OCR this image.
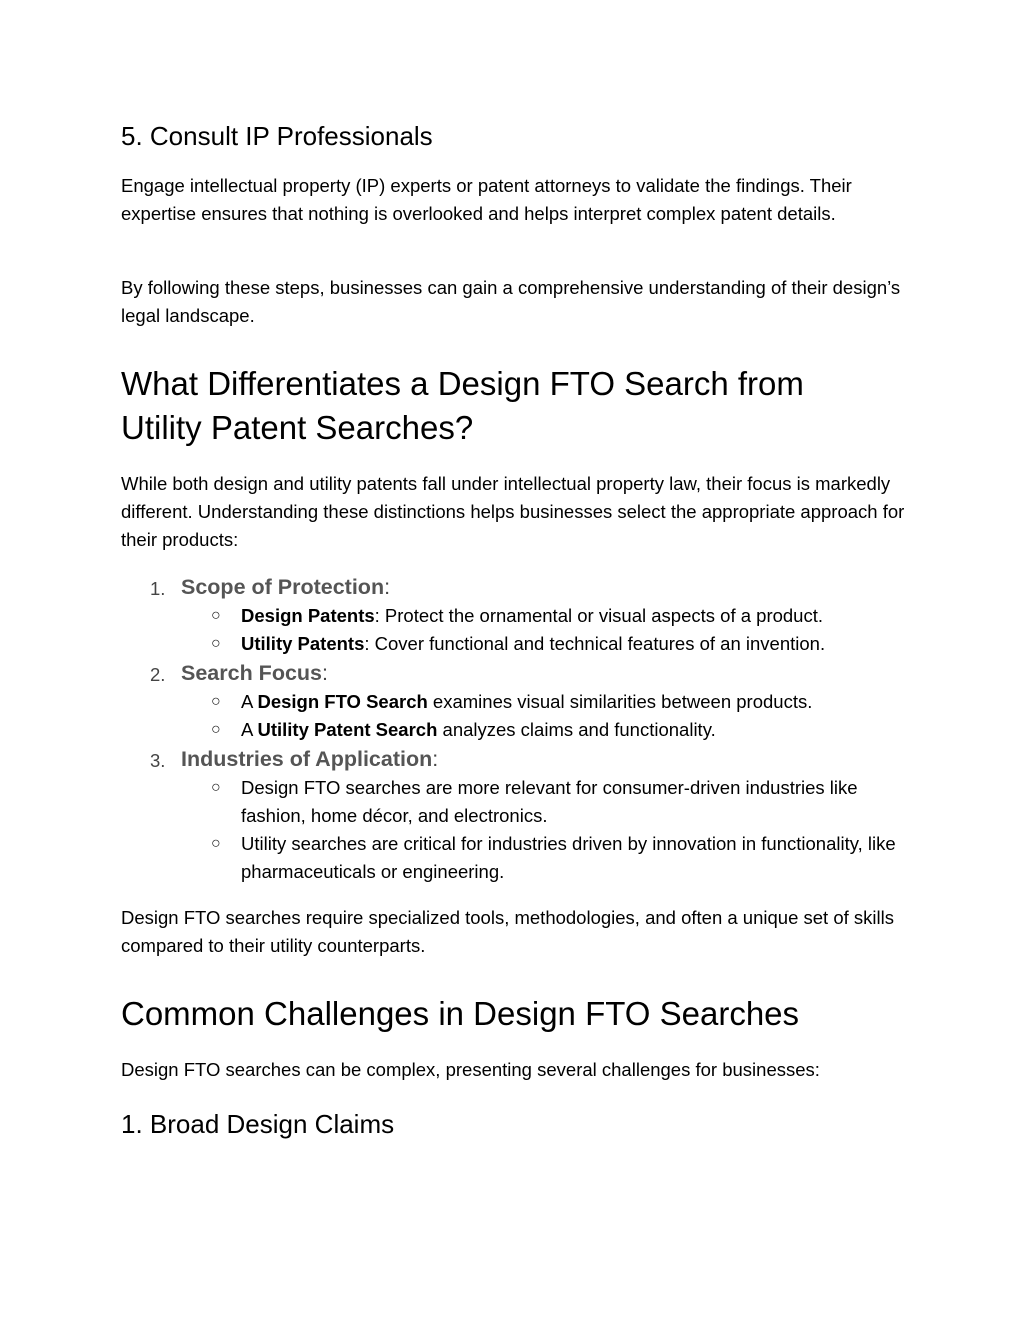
5. Consult IP Professionals

Engage intellectual property (IP) experts or patent attorneys to validate the findings. Their expertise ensures that nothing is overlooked and helps interpret complex patent details.

By following these steps, businesses can gain a comprehensive understanding of their design’s legal landscape.

What Differentiates a Design FTO Search from Utility Patent Searches?

While both design and utility patents fall under intellectual property law, their focus is markedly different. Understanding these distinctions helps businesses select the appropriate approach for their products:

1. Scope of Protection:
○ Design Patents: Protect the ornamental or visual aspects of a product.
○ Utility Patents: Cover functional and technical features of an invention.
2. Search Focus:
○ A Design FTO Search examines visual similarities between products.
○ A Utility Patent Search analyzes claims and functionality.
3. Industries of Application:
○ Design FTO searches are more relevant for consumer-driven industries like fashion, home décor, and electronics.
○ Utility searches are critical for industries driven by innovation in functionality, like pharmaceuticals or engineering.

Design FTO searches require specialized tools, methodologies, and often a unique set of skills compared to their utility counterparts.

Common Challenges in Design FTO Searches

Design FTO searches can be complex, presenting several challenges for businesses:

1. Broad Design Claims
